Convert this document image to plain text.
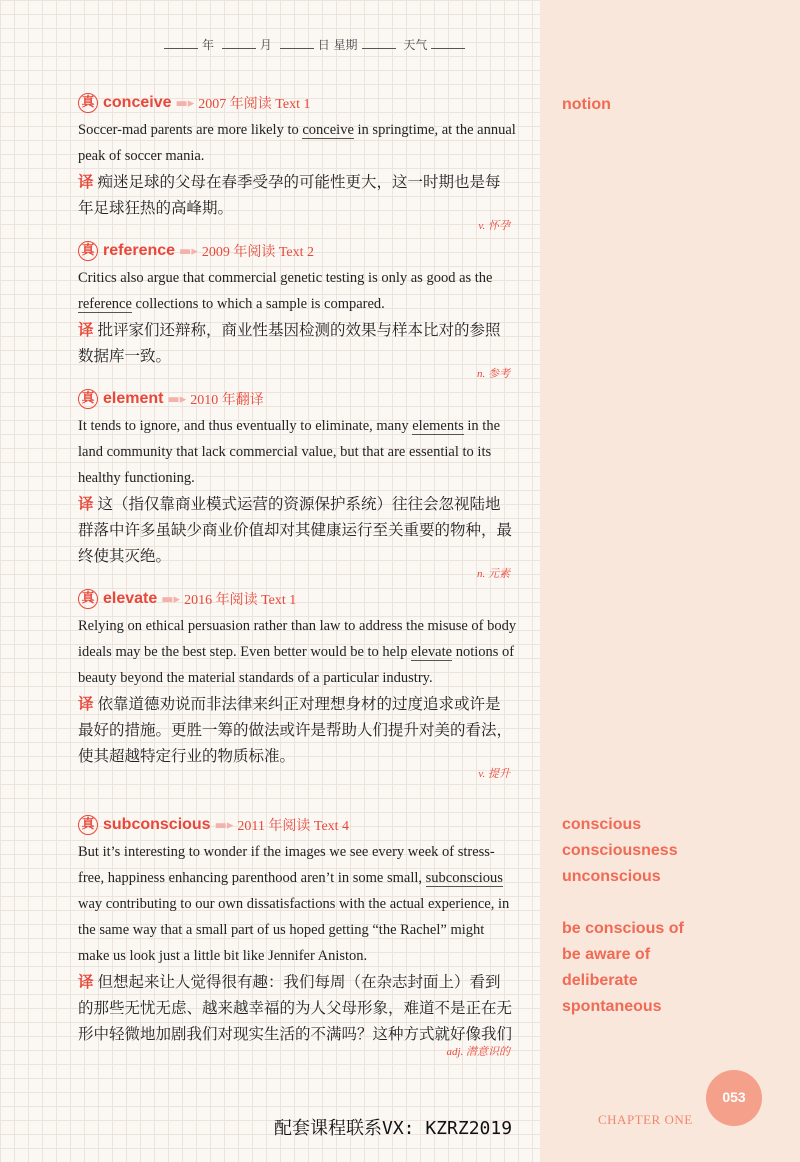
年	月	日 星期	天气
真 conceive ▬▸ 2007 年阅读 Text 1
Soccer-mad parents are more likely to conceive in springtime, at the annual peak of soccer mania.
译 痴迷足球的父母在春季受孕的可能性更大，这一时期也是每年足球狂热的高峰期。
v. 怀孕
真 reference ▬▸ 2009 年阅读 Text 2
Critics also argue that commercial genetic testing is only as good as the reference collections to which a sample is compared.
译 批评家们还辩称，商业性基因检测的效果与样本比对的参照数据库一致。
n. 参考
真 element ▬▸ 2010 年翻译
It tends to ignore, and thus eventually to eliminate, many elements in the land community that lack commercial value, but that are essential to its healthy functioning.
译 这（指仅靠商业模式运营的资源保护系统）往往会忽视陆地群落中许多虽缺少商业价值却对其健康运行至关重要的物种，最终使其灭绝。
n. 元素
真 elevate ▬▸ 2016 年阅读 Text 1
Relying on ethical persuasion rather than law to address the misuse of body ideals may be the best step. Even better would be to help elevate notions of beauty beyond the material standards of a particular industry.
译 依靠道德劝说而非法律来纠正对理想身材的过度追求或许是最好的措施。更胜一筹的做法或许是帮助人们提升对美的看法，使其超越特定行业的物质标准。
v. 提升
真 subconscious ▬▸ 2011 年阅读 Text 4
But it’s interesting to wonder if the images we see every week of stress-free, happiness enhancing parenthood aren’t in some small, subconscious way contributing to our own dissatisfactions with the actual experience, in the same way that a small part of us hoped getting “the Rachel” might make us look just a little bit like Jennifer Aniston.
译 但想起来让人觉得很有趣：我们每周（在杂志封面上）看到的那些无忧无虑、越来越幸福的为人父母形象，难道不是正在无形中轻微地加剧我们对现实生活的不满吗？这种方式就好像我们
adj. 潜意识的
notion
conscious
consciousness
unconscious
be conscious of
be aware of
deliberate
spontaneous
053
CHAPTER ONE
配套课程联系VX: KZRZ2019
